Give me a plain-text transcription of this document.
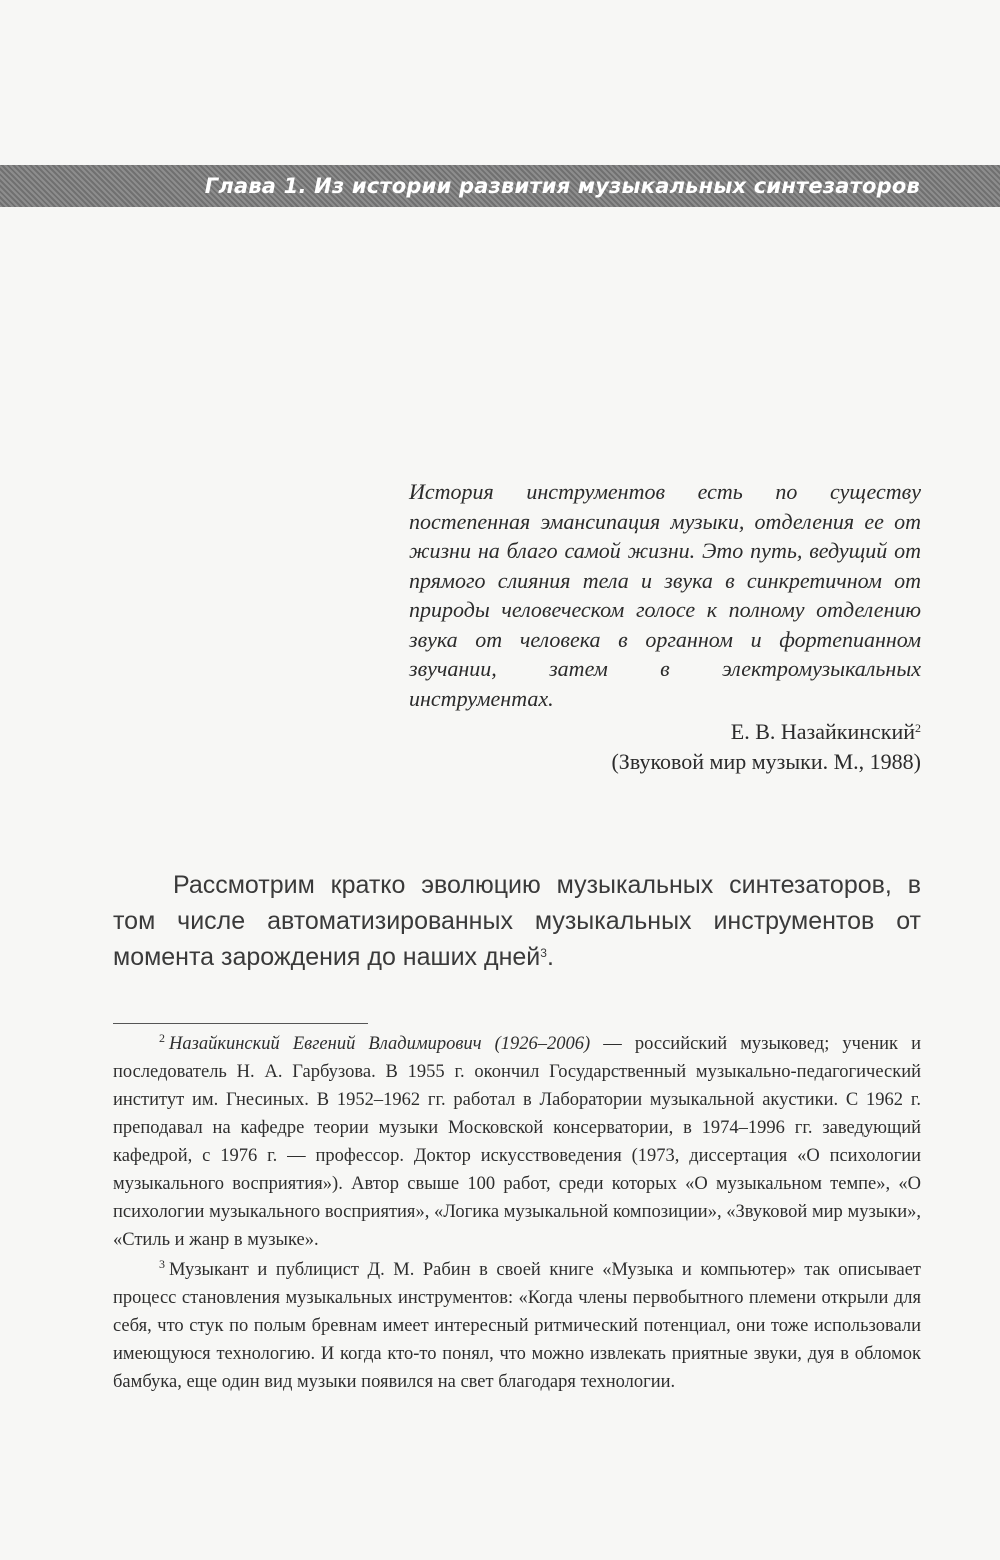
Глава 1. Из истории развития музыкальных синтезаторов

История инструментов есть по существу постепенная эмансипация музыки, отделения ее от жизни на благо самой жизни. Это путь, ведущий от прямого слияния тела и звука в синкретичном от природы человеческом голосе к полному отделению звука от человека в органном и фортепианном звучании, затем в электромузыкальных инструментах.

Е. В. Назайкинский$^2$

(Звуковой мир музыки. М., 1988)

Рассмотрим кратко эволюцию музыкальных синтезаторов, в том числе автоматизированных музыкальных инструментов от момента зарождения до наших дней$^3$.

$^2$ Назайкинский Евгений Владимирович (1926–2006) — российский музыковед; ученик и последователь Н. А. Гарбузова. В 1955 г. окончил Государственный музыкально-педагогический институт им. Гнесиных. В 1952–1962 гг. работал в Лаборатории музыкальной акустики. С 1962 г. преподавал на кафедре теории музыки Московской консерватории, в 1974–1996 гг. заведующий кафедрой, с 1976 г. — профессор. Доктор искусствоведения (1973, диссертация «О психологии музыкального восприятия»). Автор свыше 100 работ, среди которых «О музыкальном темпе», «О психологии музыкального восприятия», «Логика музыкальной композиции», «Звуковой мир музыки», «Стиль и жанр в музыке».

$^3$ Музыкант и публицист Д. М. Рабин в своей книге «Музыка и компьютер» так описывает процесс становления музыкальных инструментов: «Когда члены первобытного племени открыли для себя, что стук по полым бревнам имеет интересный ритмический потенциал, они тоже использовали имеющуюся технологию. И когда кто-то понял, что можно извлекать приятные звуки, дуя в обломок бамбука, еще один вид музыки появился на свет благодаря технологии.
